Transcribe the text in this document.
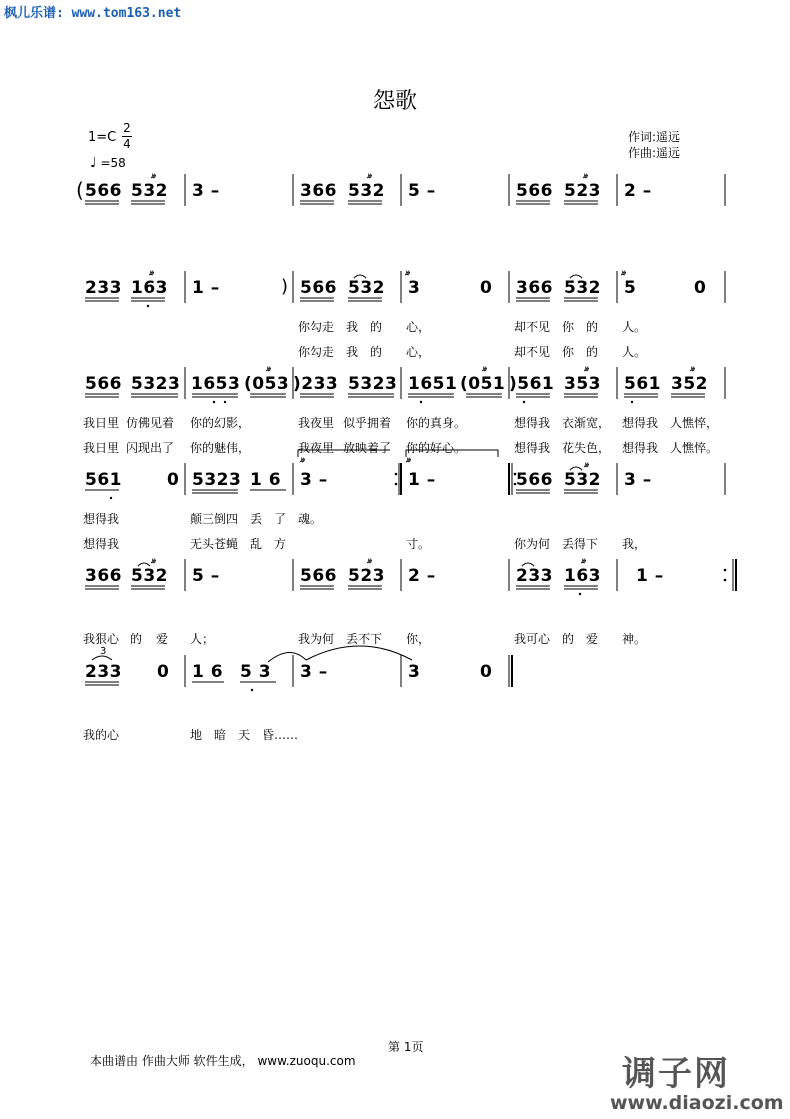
枫儿乐谱: www.tom163.net
怨歌
1=C
2
4
♩ =58
作词:遥远
作曲:遥远
( 566 532 3 –	366 532 5 –	566 523 2 –
𝆔𝆔	𝆔𝆔	𝆔𝆔
233 163 1 –	) 566 532 3	0 366 532 5	0
𝆔𝆔	𝆔𝆔	𝆔𝆔
你勾走 我 的 心，	却不见 你 的 人。
你勾走 我 的 心，	却不见 你 的 人。
566 5323 1653 (053 )233 5323 1651 (051 )561 353 561 352
𝆔𝆔	𝆔𝆔	𝆔𝆔	𝆔𝆔
我日里 仿佛见着 你的幻影，	我夜里 似乎拥着 你的真身。	想得我 衣渐宽， 想得我 人憔悴，
我日里 闪现出了 你的魅伟，	我夜里 放映着了 你的好心。	想得我 花失色， 想得我 人憔悴。
561	0 5323 1 6 3 –	1 –	566 532 3 –
𝆔𝆔
𝆔𝆔
𝆔𝆔
想得我	颠三倒四 丢 了 魂。
想得我	无头苍蝇 乱 方	寸。	你为何 丢得下 我，
366 532 5 –	566 523 2 –	233 163 1 –
𝆔𝆔	𝆔𝆔	𝆔𝆔
我狠心 的 爱 人；	我为何 丢不下 你，	我可心 的 爱 神。
3
233 0 1 6 5 3 3 –	3	0
我的心	地 暗 天 昏……
第 1页
本曲谱由 作曲大师 软件生成， www.zuoqu.com	调子网
www.diaozi.com
